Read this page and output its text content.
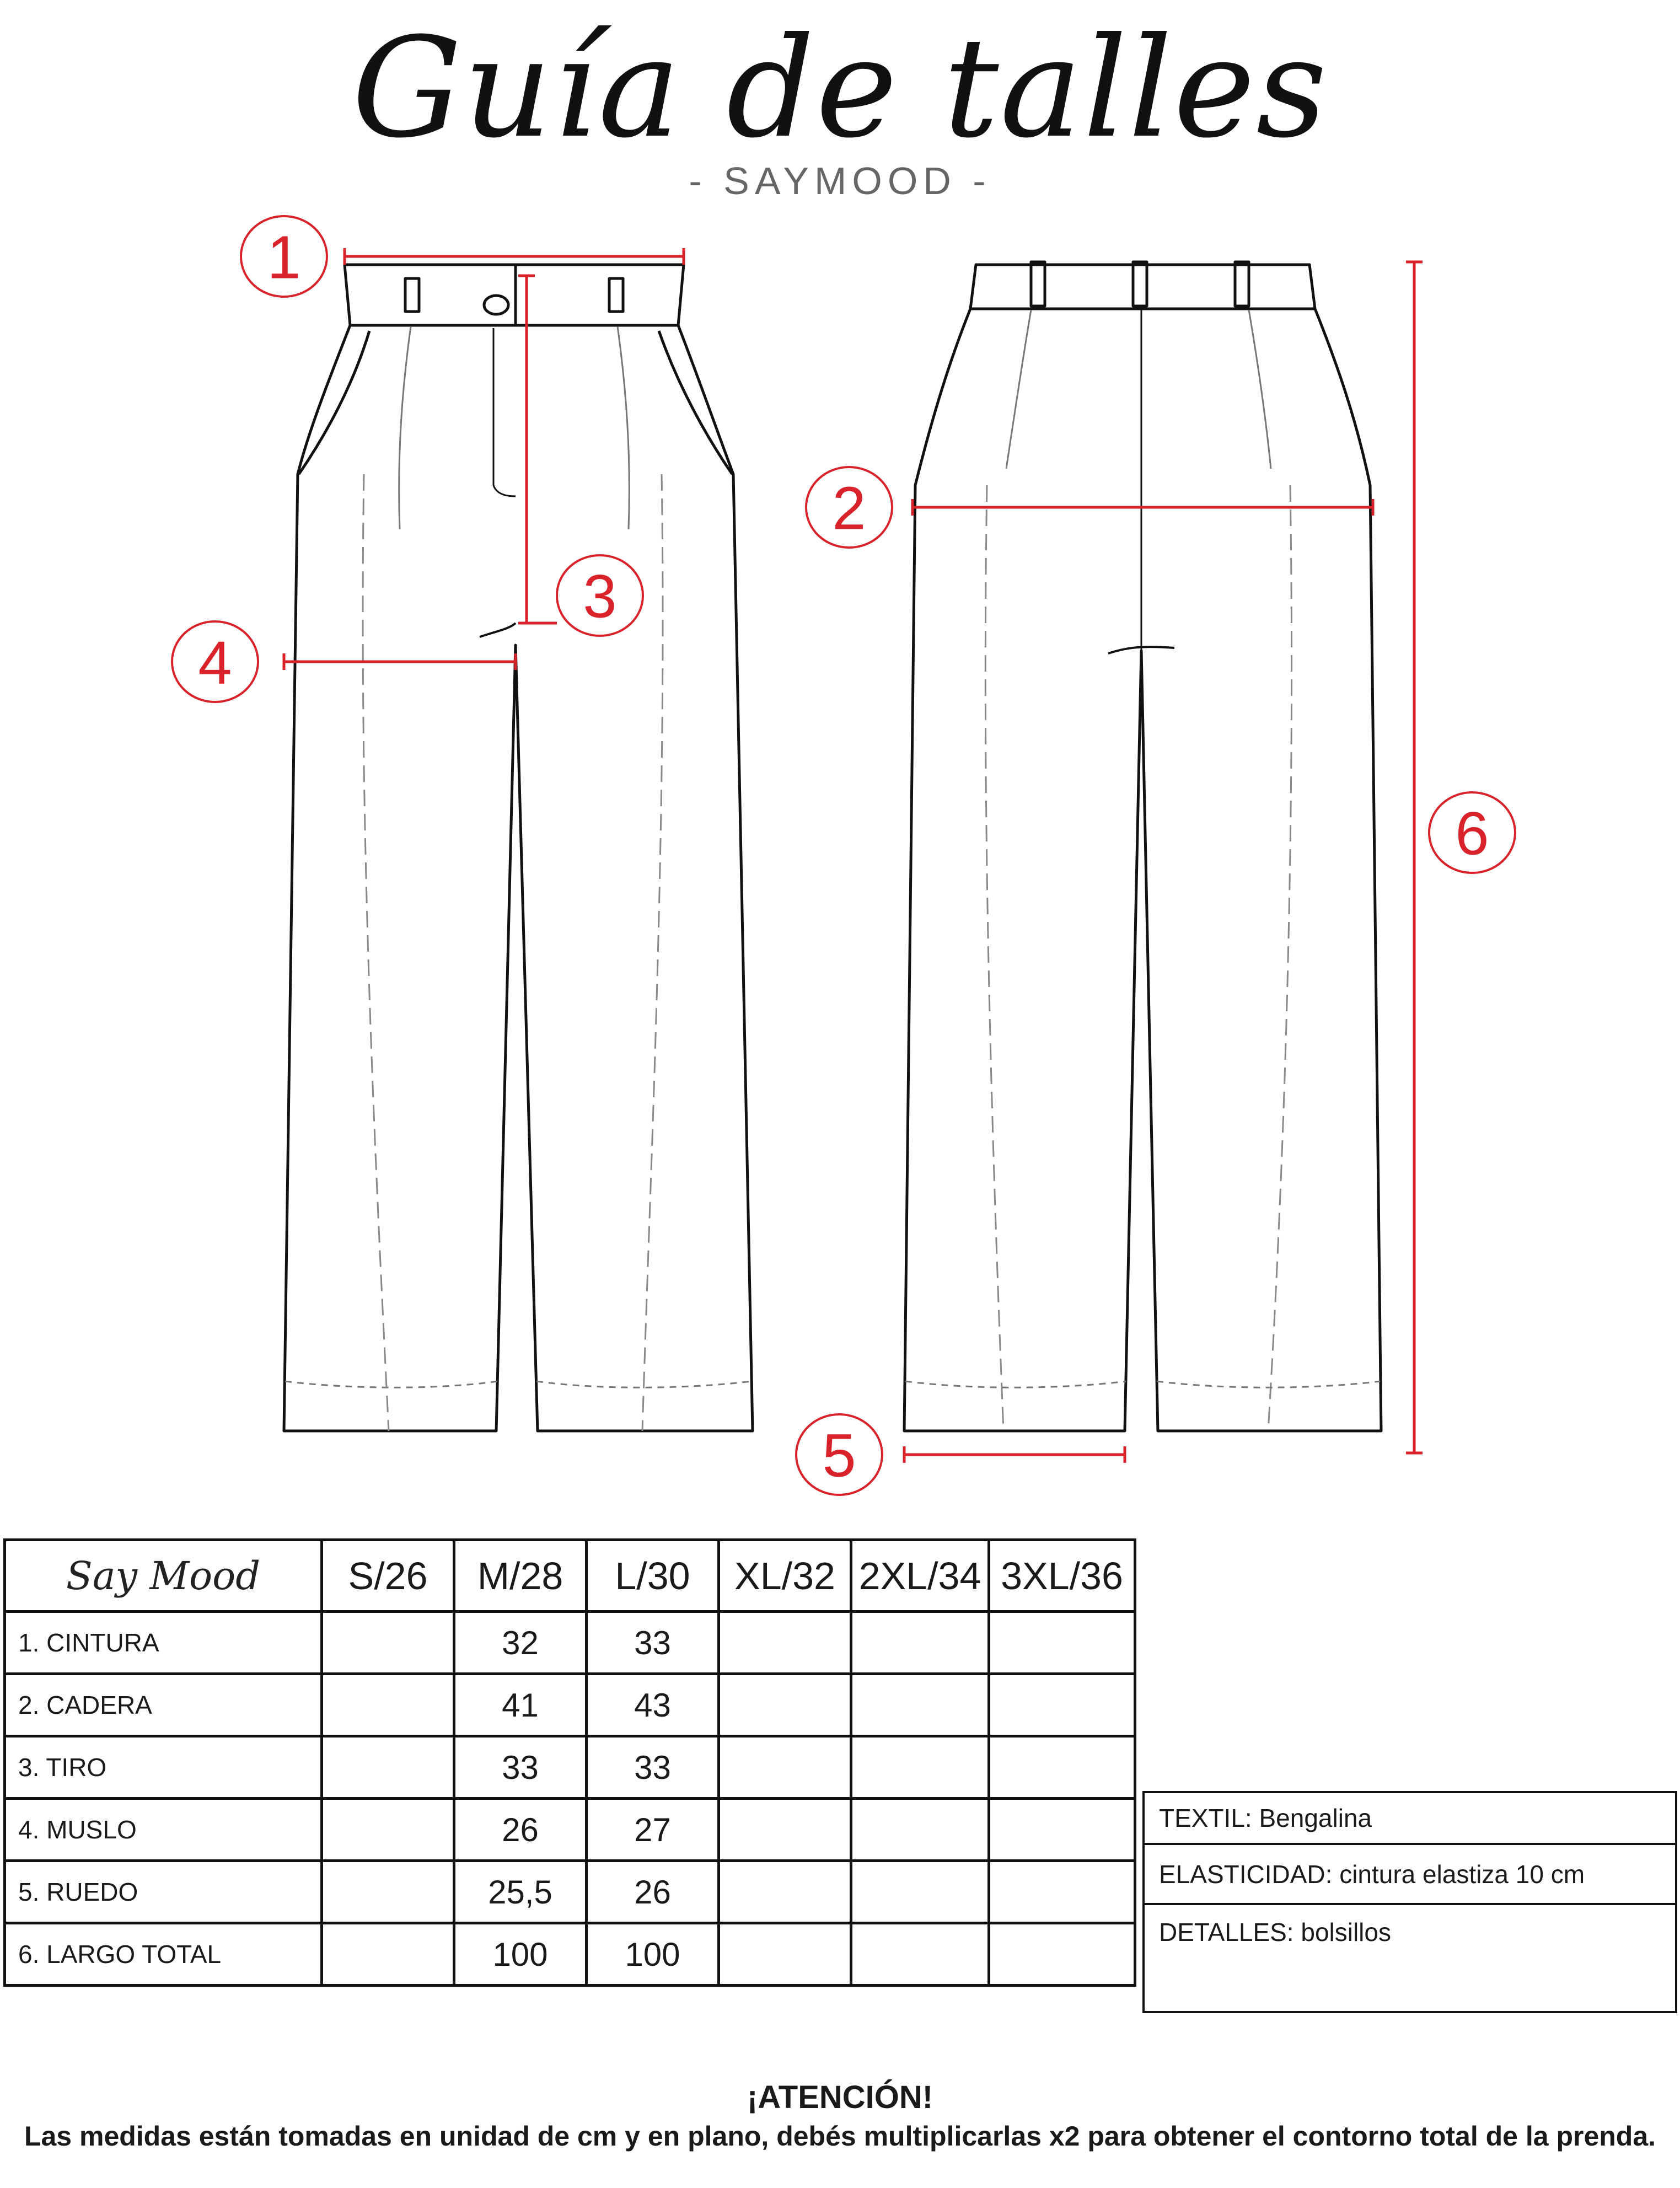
Guía de talles
- SAYMOOD -
1
2
3
4
5
6
Say Mood	S/26	M/28	L/30	XL/32	2XL/34	3XL/36
1. CINTURA		32	33			
2. CADERA		41	43			
3. TIRO		33	33			
4. MUSLO		26	27			
5. RUEDO		25,5	26			
6. LARGO TOTAL		100	100			
TEXTIL: Bengalina
ELASTICIDAD: cintura elastiza 10 cm
DETALLES: bolsillos
¡ATENCIÓN!
Las medidas están tomadas en unidad de cm y en plano, debés multiplicarlas x2 para obtener el contorno total de la prenda.
